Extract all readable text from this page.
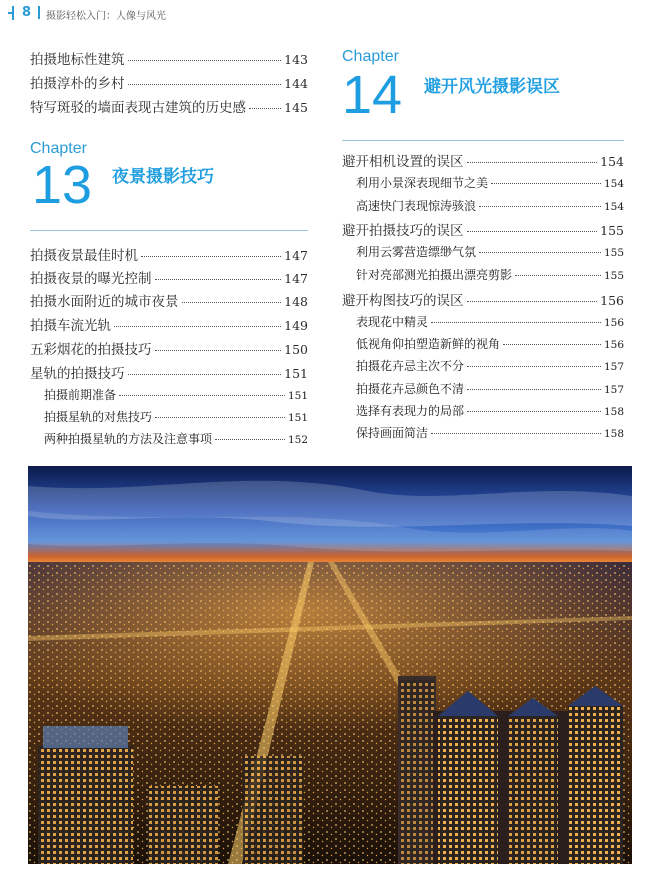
8 摄影轻松入门：人像与风光
拍摄地标性建筑	143
拍摄淳朴的乡村	144
特写斑驳的墙面表现古建筑的历史感	145
Chapter
13 夜景摄影技巧
拍摄夜景最佳时机	147
拍摄夜景的曝光控制	147
拍摄水面附近的城市夜景	148
拍摄车流光轨	149
五彩烟花的拍摄技巧	150
星轨的拍摄技巧	151
拍摄前期准备	151
拍摄星轨的对焦技巧	151
两种拍摄星轨的方法及注意事项	152
Chapter
14 避开风光摄影误区
避开相机设置的误区	154
利用小景深表现细节之美	154
高速快门表现惊涛骇浪	154
避开拍摄技巧的误区	155
利用云雾营造缥缈气氛	155
针对亮部测光拍摄出漂亮剪影	155
避开构图技巧的误区	156
表现花中精灵	156
低视角仰拍塑造新鲜的视角	156
拍摄花卉忌主次不分	157
拍摄花卉忌颜色不清	157
选择有表现力的局部	158
保持画面简洁	158
